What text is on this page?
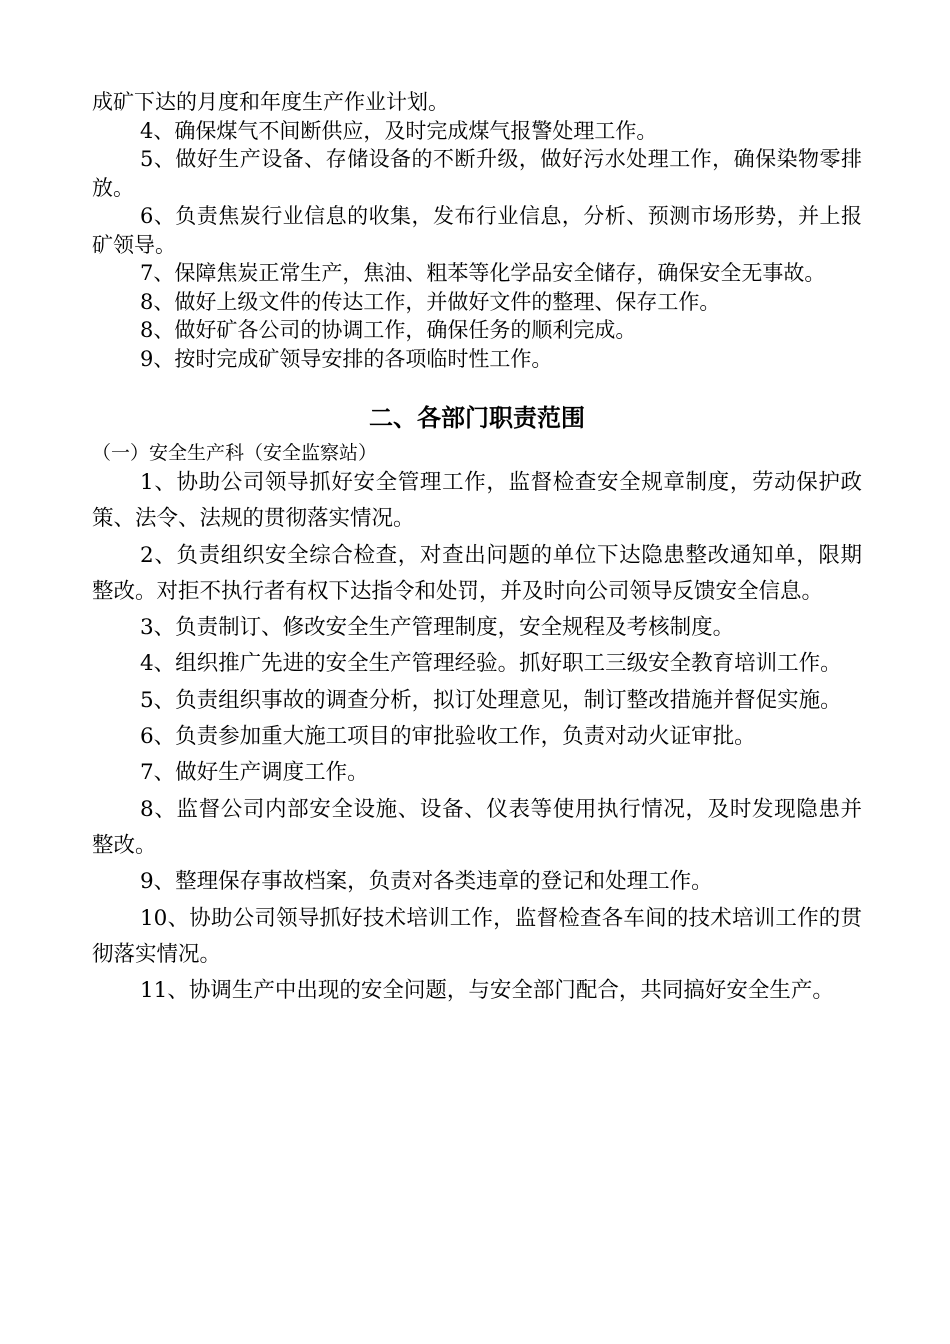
成矿下达的月度和年度生产作业计划。

4、确保煤气不间断供应，及时完成煤气报警处理工作。

5、做好生产设备、存储设备的不断升级，做好污水处理工作，确保染物零排放。

6、负责焦炭行业信息的收集，发布行业信息，分析、预测市场形势，并上报矿领导。

7、保障焦炭正常生产，焦油、粗苯等化学品安全储存，确保安全无事故。

8、做好上级文件的传达工作，并做好文件的整理、保存工作。

8、做好矿各公司的协调工作，确保任务的顺利完成。

9、按时完成矿领导安排的各项临时性工作。

二、各部门职责范围

（一）安全生产科（安全监察站）

1、协助公司领导抓好安全管理工作，监督检查安全规章制度，劳动保护政策、法令、法规的贯彻落实情况。

2、负责组织安全综合检查，对查出问题的单位下达隐患整改通知单，限期整改。对拒不执行者有权下达指令和处罚，并及时向公司领导反馈安全信息。

3、负责制订、修改安全生产管理制度，安全规程及考核制度。

4、组织推广先进的安全生产管理经验。抓好职工三级安全教育培训工作。

5、负责组织事故的调查分析，拟订处理意见，制订整改措施并督促实施。

6、负责参加重大施工项目的审批验收工作，负责对动火证审批。

7、做好生产调度工作。

8、监督公司内部安全设施、设备、仪表等使用执行情况，及时发现隐患并整改。

9、整理保存事故档案，负责对各类违章的登记和处理工作。

10、协助公司领导抓好技术培训工作，监督检查各车间的技术培训工作的贯彻落实情况。

11、协调生产中出现的安全问题，与安全部门配合，共同搞好安全生产。
